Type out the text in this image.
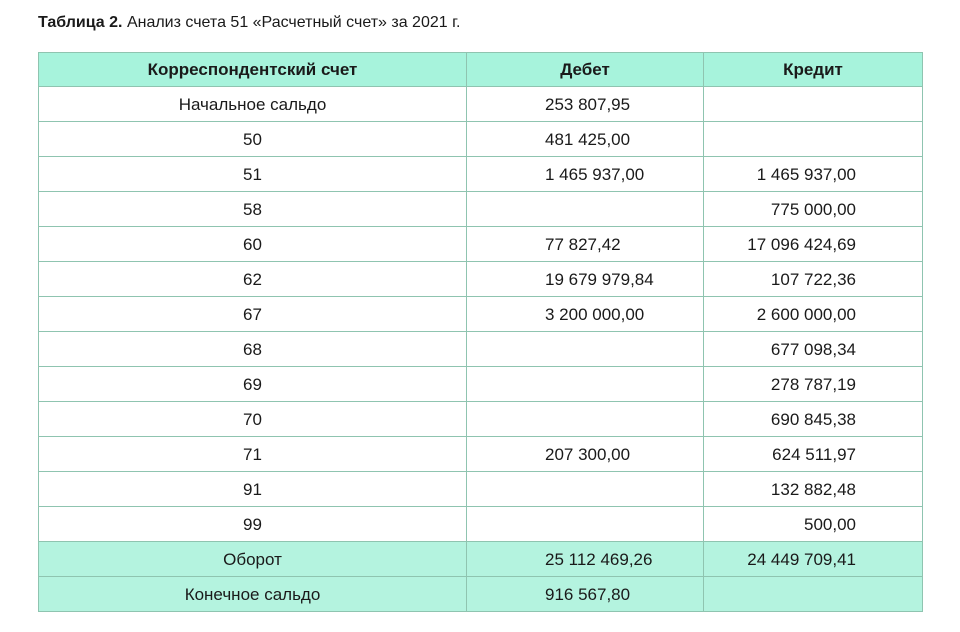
Таблица 2. Анализ счета 51 «Расчетный счет» за 2021 г.
Корреспондентский счет	Дебет	Кредит
Начальное сальдо	253 807,95	
50	481 425,00	
51	1 465 937,00	1 465 937,00
58		775 000,00
60	77 827,42	17 096 424,69
62	19 679 979,84	107 722,36
67	3 200 000,00	2 600 000,00
68		677 098,34
69		278 787,19
70		690 845,38
71	207 300,00	624 511,97
91		132 882,48
99		500,00
Оборот	25 112 469,26	24 449 709,41
Конечное сальдо	916 567,80	
